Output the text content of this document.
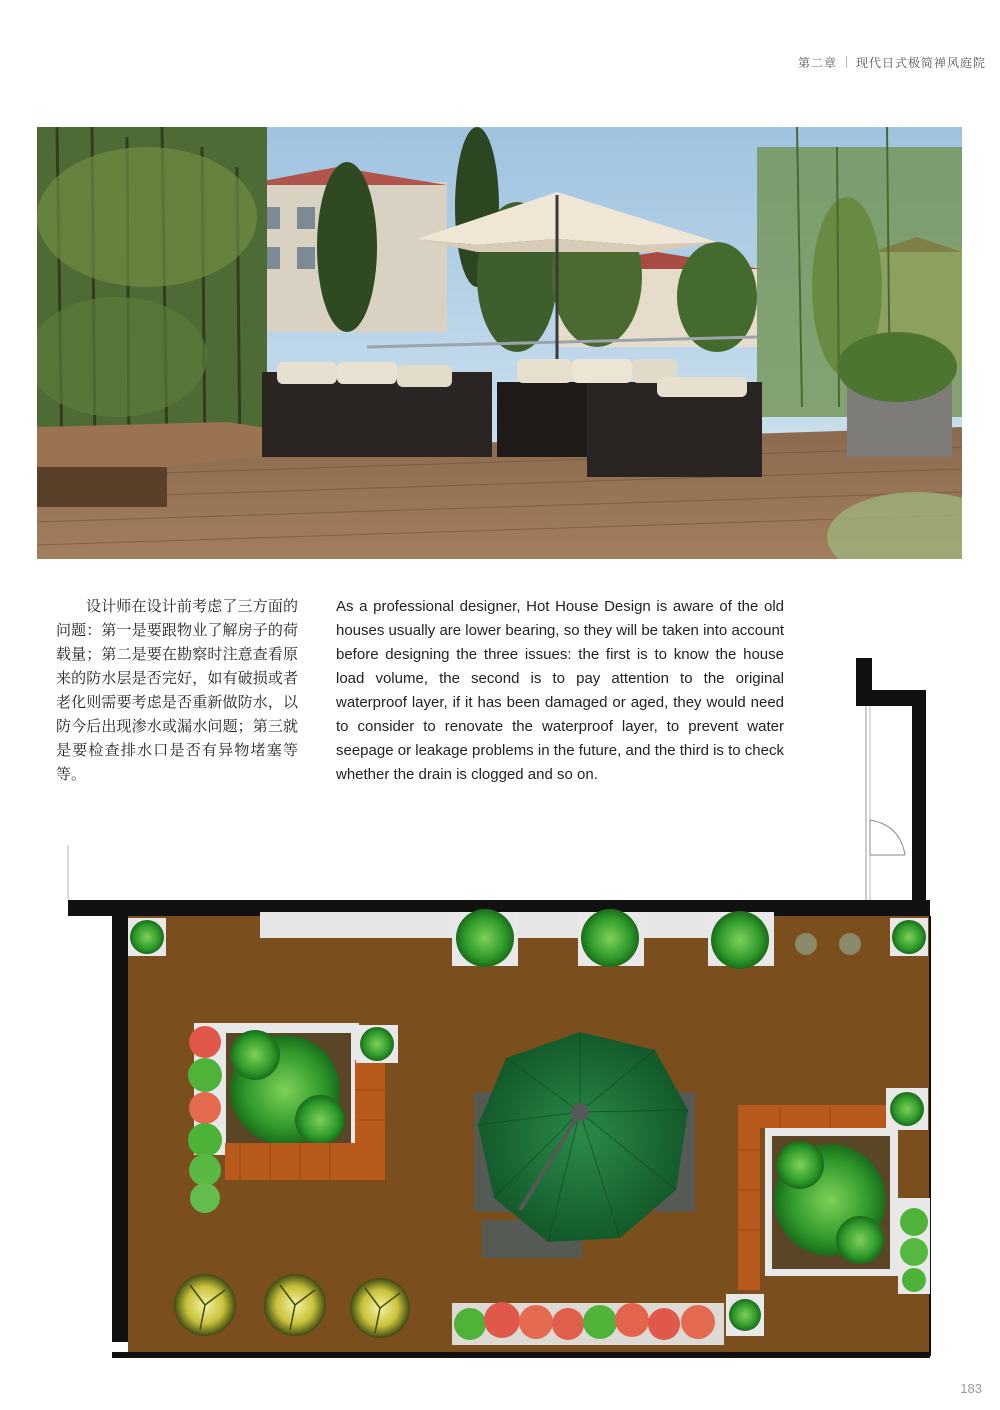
第二章 现代日式极简禅风庭院

设计师在设计前考虑了三方面的问题：第一是要跟物业了解房子的荷载量；第二是要在勘察时注意查看原来的防水层是否完好，如有破损或者老化则需要考虑是否重新做防水，以防今后出现渗水或漏水问题；第三就是要检查排水口是否有异物堵塞等等。

As a professional designer, Hot House Design is aware of the old houses usually are lower bearing, so they will be taken into account before designing the three issues: the first is to know the house load volume, the second is to pay attention to the original waterproof layer, if it has been damaged or aged, they would need to consider to renovate the waterproof layer, to prevent water seepage or leakage problems in the future, and the third is to check whether the drain is clogged and so on.

183
